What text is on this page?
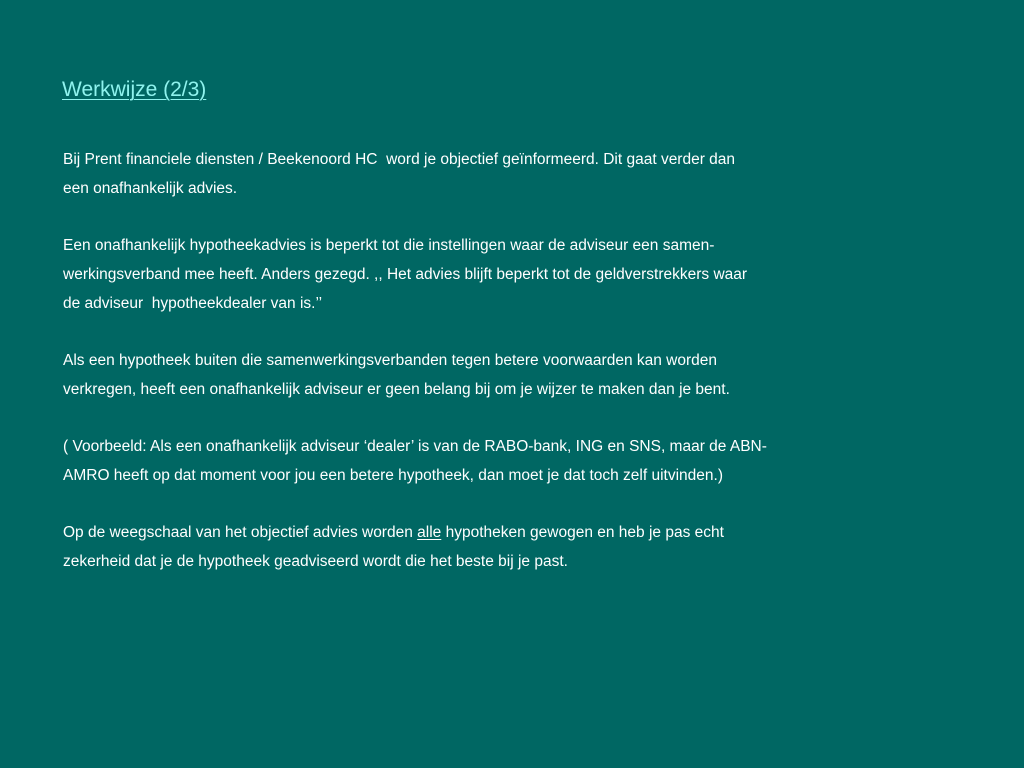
Werkwijze (2/3)

Bij Prent financiele diensten / Beekenoord HC  word je objectief geïnformeerd. Dit gaat verder dan
een onafhankelijk advies.

Een onafhankelijk hypotheekadvies is beperkt tot die instellingen waar de adviseur een samen-
werkingsverband mee heeft. Anders gezegd. ,, Het advies blijft beperkt tot de geldverstrekkers waar
de adviseur  hypotheekdealer van is.’’

Als een hypotheek buiten die samenwerkingsverbanden tegen betere voorwaarden kan worden
verkregen, heeft een onafhankelijk adviseur er geen belang bij om je wijzer te maken dan je bent.

( Voorbeeld: Als een onafhankelijk adviseur ‘dealer’ is van de RABO-bank, ING en SNS, maar de ABN-
AMRO heeft op dat moment voor jou een betere hypotheek, dan moet je dat toch zelf uitvinden.)

Op de weegschaal van het objectief advies worden alle hypotheken gewogen en heb je pas echt
zekerheid dat je de hypotheek geadviseerd wordt die het beste bij je past.
